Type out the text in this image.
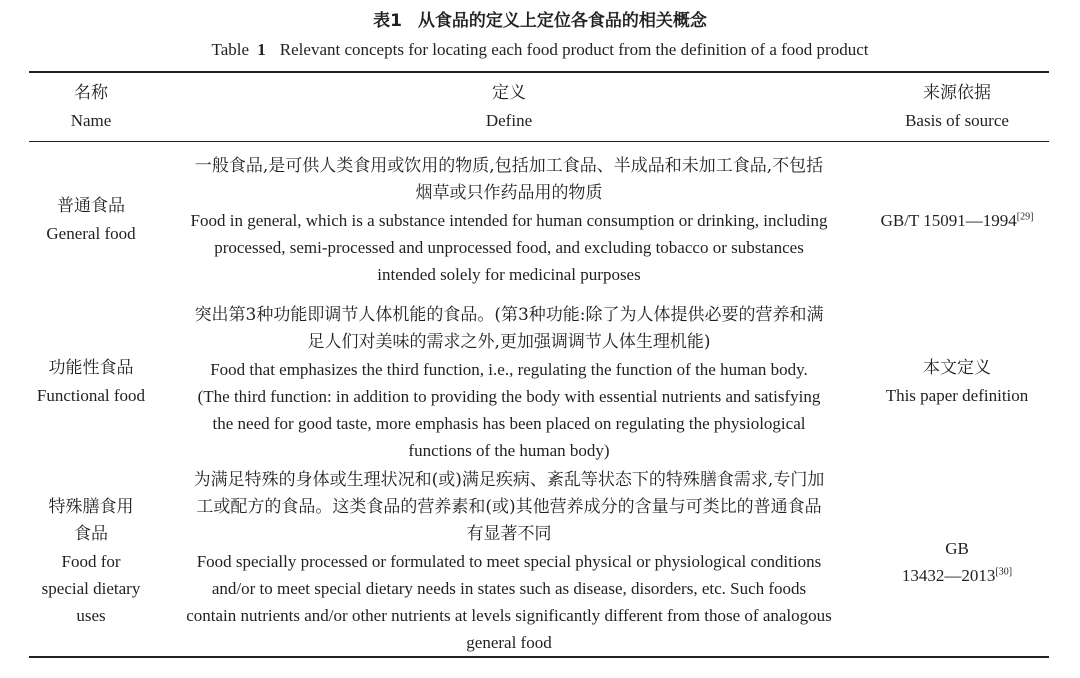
表1 从食品的定义上定位各食品的相关概念
Table 1 Relevant concepts for locating each food product from the definition of a food product
名称
Name
定义
Define
来源依据
Basis of source
普通食品
General food
一般食品,是可供人类食用或饮用的物质,包括加工食品、半成品和未加工食品,不包括
烟草或只作药品用的物质
Food in general, which is a substance intended for human consumption or drinking, including
processed, semi-processed and unprocessed food, and excluding tobacco or substances
intended solely for medicinal purposes
GB/T 15091—1994[29]
功能性食品
Functional food
突出第3种功能即调节人体机能的食品。(第3种功能:除了为人体提供必要的营养和满
足人们对美味的需求之外,更加强调调节人体生理机能)
Food that emphasizes the third function, i.e., regulating the function of the human body.
(The third function: in addition to providing the body with essential nutrients and satisfying
the need for good taste, more emphasis has been placed on regulating the physiological
functions of the human body)
本文定义
This paper definition
特殊膳食用
食品
Food for
special dietary
uses
为满足特殊的身体或生理状况和(或)满足疾病、紊乱等状态下的特殊膳食需求,专门加
工或配方的食品。这类食品的营养素和(或)其他营养成分的含量与可类比的普通食品
有显著不同
Food specially processed or formulated to meet special physical or physiological conditions
and/or to meet special dietary needs in states such as disease, disorders, etc. Such foods
contain nutrients and/or other nutrients at levels significantly different from those of analogous
general food
GB
13432—2013[30]
